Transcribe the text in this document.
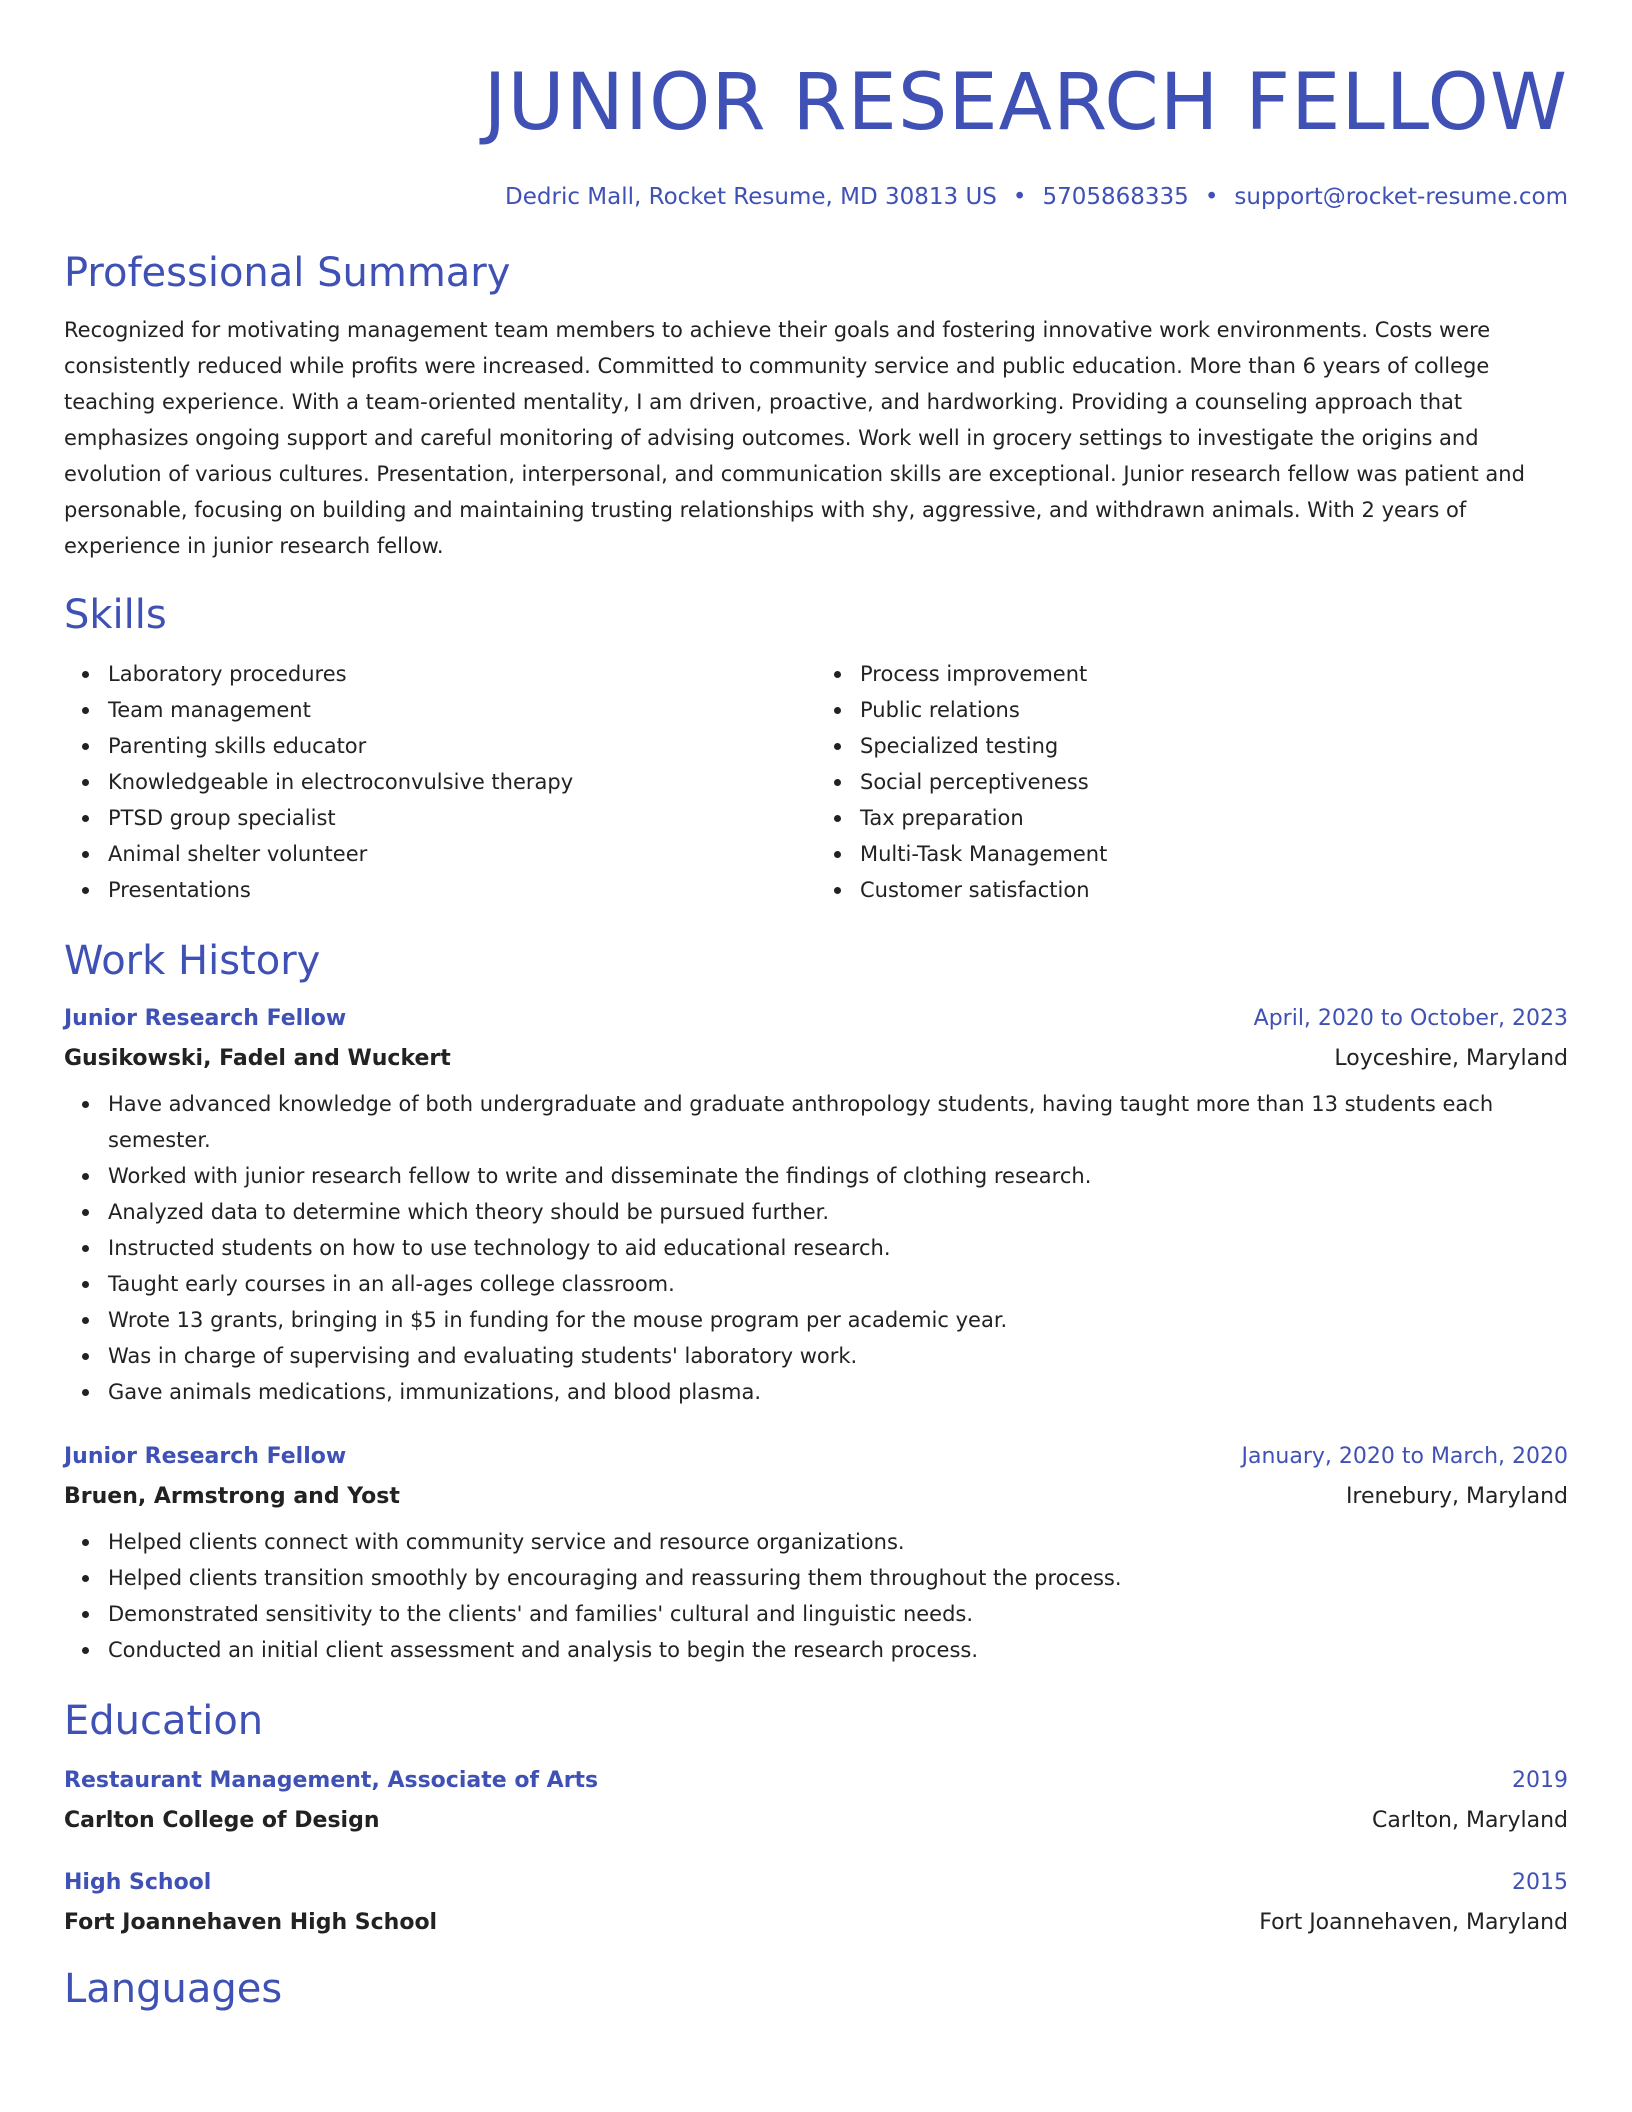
JUNIOR RESEARCH FELLOW
Dedric Mall, Rocket Resume, MD 30813 US • 5705868335 • support@rocket-resume.com
Professional Summary
Recognized for motivating management team members to achieve their goals and fostering innovative work environments. Costs were consistently reduced while profits were increased. Committed to community service and public education. More than 6 years of college teaching experience. With a team-oriented mentality, I am driven, proactive, and hardworking. Providing a counseling approach that emphasizes ongoing support and careful monitoring of advising outcomes. Work well in grocery settings to investigate the origins and evolution of various cultures. Presentation, interpersonal, and communication skills are exceptional. Junior research fellow was patient and personable, focusing on building and maintaining trusting relationships with shy, aggressive, and withdrawn animals. With 2 years of experience in junior research fellow.
Skills
Laboratory procedures
Team management
Parenting skills educator
Knowledgeable in electroconvulsive therapy
PTSD group specialist
Animal shelter volunteer
Presentations
Process improvement
Public relations
Specialized testing
Social perceptiveness
Tax preparation
Multi-Task Management
Customer satisfaction
Work History
Junior Research Fellow	April, 2020 to October, 2023
Gusikowski, Fadel and Wuckert	Loyceshire, Maryland
Have advanced knowledge of both undergraduate and graduate anthropology students, having taught more than 13 students each semester.
Worked with junior research fellow to write and disseminate the findings of clothing research.
Analyzed data to determine which theory should be pursued further.
Instructed students on how to use technology to aid educational research.
Taught early courses in an all-ages college classroom.
Wrote 13 grants, bringing in $5 in funding for the mouse program per academic year.
Was in charge of supervising and evaluating students' laboratory work.
Gave animals medications, immunizations, and blood plasma.
Junior Research Fellow	January, 2020 to March, 2020
Bruen, Armstrong and Yost	Irenebury, Maryland
Helped clients connect with community service and resource organizations.
Helped clients transition smoothly by encouraging and reassuring them throughout the process.
Demonstrated sensitivity to the clients' and families' cultural and linguistic needs.
Conducted an initial client assessment and analysis to begin the research process.
Education
Restaurant Management, Associate of Arts	2019
Carlton College of Design	Carlton, Maryland
High School	2015
Fort Joannehaven High School	Fort Joannehaven, Maryland
Languages
